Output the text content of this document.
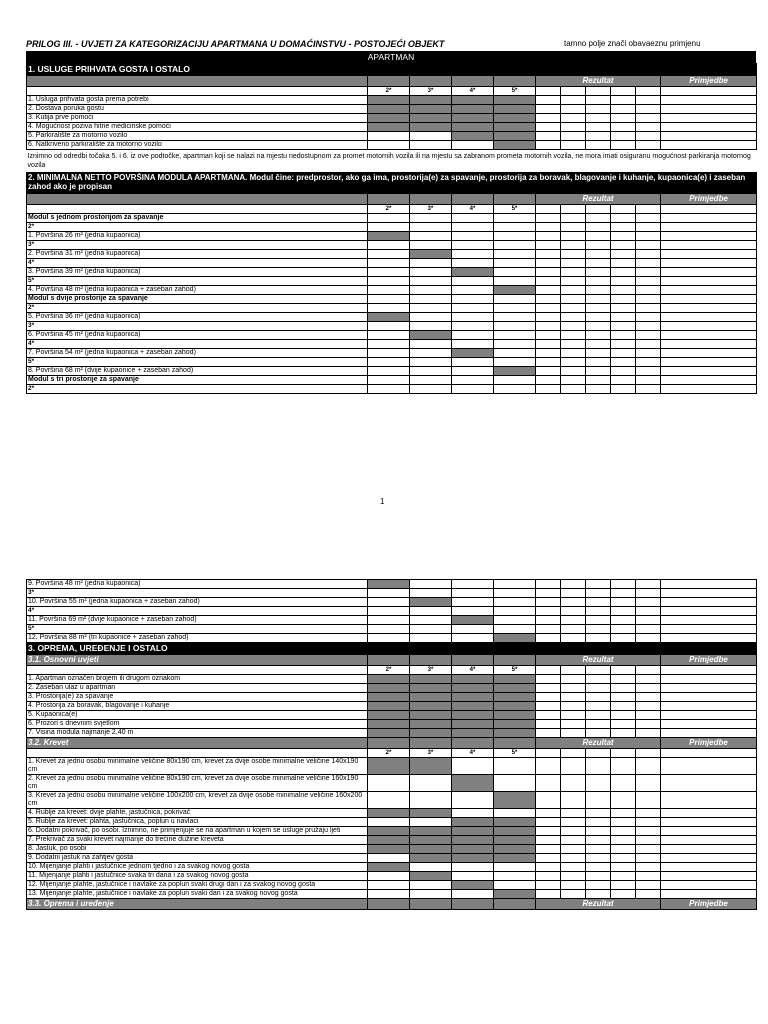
PRILOG III. - UVJETI ZA KATEGORIZACIJU APARTMANA U DOMAĆINSTVU - POSTOJEĆI OBJEKT	tamno polje znači obavaeznu primjenu
APARTMAN
1. USLUGE PRIHVATA GOSTA I OSTALO										
					Rezultat					Primjedbe
	2*	3*	4*	5*						
1. Usluga prihvata gosta prema potrebi										
2. Dostava poruka gostu										
3. Kutija prve pomoći										
4. Mogućnost poziva hitne medicinske pomoći										
5. Parkiralište za motorno vozilo										
6. Natkriveno parkiralište za motorno vozilo										
Iznimno od odredbi točaka 5. i 6. iz ove podtočke, apartman koji se nalazi na mjestu nedostupnom za promet motornih vozila ili na mjestu sa zabranom prometa motornih vozila, ne mora imati osiguranu mogućnost parkiranja motornog vozila										
2. MINIMALNA NETTO POVRŠINA MODULA APARTMANA. Modul čine: predprostor, ako ga ima, prostorija(e) za spavanje, prostorija za boravak, blagovanje i kuhanje, kupaonica(e) i zaseban zahod ako je propisan										
					Rezultat					Primjedbe
	2*	3*	4*	5*						
Modul s jednom prostorijom za spavanje										
2*										
1. Površina 26 m² (jedna kupaonica)										
3*										
2. Površina 31 m² (jedna kupaonica)										
4*										
3. Površina 39 m² (jedna kupaonica)										
5*										
4. Površina 48 m² (jedna kupaonica + zaseban zahod)										
Modul s dvije prostorije za spavanje										
2*										
5. Površina 36 m² (jedna kupaonica)										
3*										
6. Površina 45 m² (jedna kupaonica)										
4*										
7. Površina 54 m² (jedna kupaonica + zaseban zahod)										
5*										
8. Površina 68 m² (dvije kupaonice + zaseban zahod)										
Modul s tri prostorije za spavanje										
2*										
1
9. Površina 48 m² (jedna kupaonica)										
3*										
10. Površina 55 m² (jedna kupaonica + zaseban zahod)										
4*										
11. Površina 69 m² (dvije kupaonice + zaseban zahod)										
5*										
12. Površina 88 m² (tri kupaonice + zaseban zahod)										
3. OPREMA, UREĐENJE I OSTALO										
3.1. Osnovni uvjeti					Rezultat					Primjedbe
	2*	3*	4*	5*						
1. Apartman označen brojem ili drugom oznakom										
2. Zaseban ulaz u apartman										
3. Prostorija(e) za spavanje										
4. Prostorija za boravak, blagovanje i kuhanje										
5. Kupaonica(e)										
6. Prozori s dnevnim svjetlom										
7. Visina modula najmanje 2,40 m										
3.2. Krevet					Rezultat					Primjedbe
	2*	3*	4*	5*						
1. Krevet za jednu osobu minimalne veličine 80x190 cm, krevet za dvije osobe minimalne veličine 140x190 cm										
2. Krevet za jednu osobu minimalne veličine 80x190 cm, krevet za dvije osobe minimalne veličine 160x190 cm										
3. Krevet za jednu osobu minimalne veličine 100x200 cm, krevet za dvije osobe minimalne veličine 160x200 cm										
4. Rublje za krevet: dvije plahte, jastučnica, pokrivač										
5. Rublje za krevet: plahta, jastučnica, poplun u navlaci										
6. Dodatni pokrivač, po osobi. Iznimno, ne primjenjuje se na apartman u kojem se usluge pružaju ljeti										
7. Prekrivač za svaki krevet najmanje do trećine dužine kreveta										
8. Jastuk, po osobi										
9. Dodatni jastuk na zahtjev gosta										
10. Mijenjanje plahti i jastučnice jednom tjedno i za svakog novog gosta										
11. Mijenjanje plahti i jastučnice svaka tri dana i za svakog novog gosta										
12. Mijenjanje plahte, jastučnice i navlake za poplun svaki drugi dan i za svakog novog gosta										
13. Mijenjanje plahte, jastučnice i navlake za poplun svaki dan i za svakog novog gosta										
3.3. Oprema i uređenje					Rezultat					Primjedbe
